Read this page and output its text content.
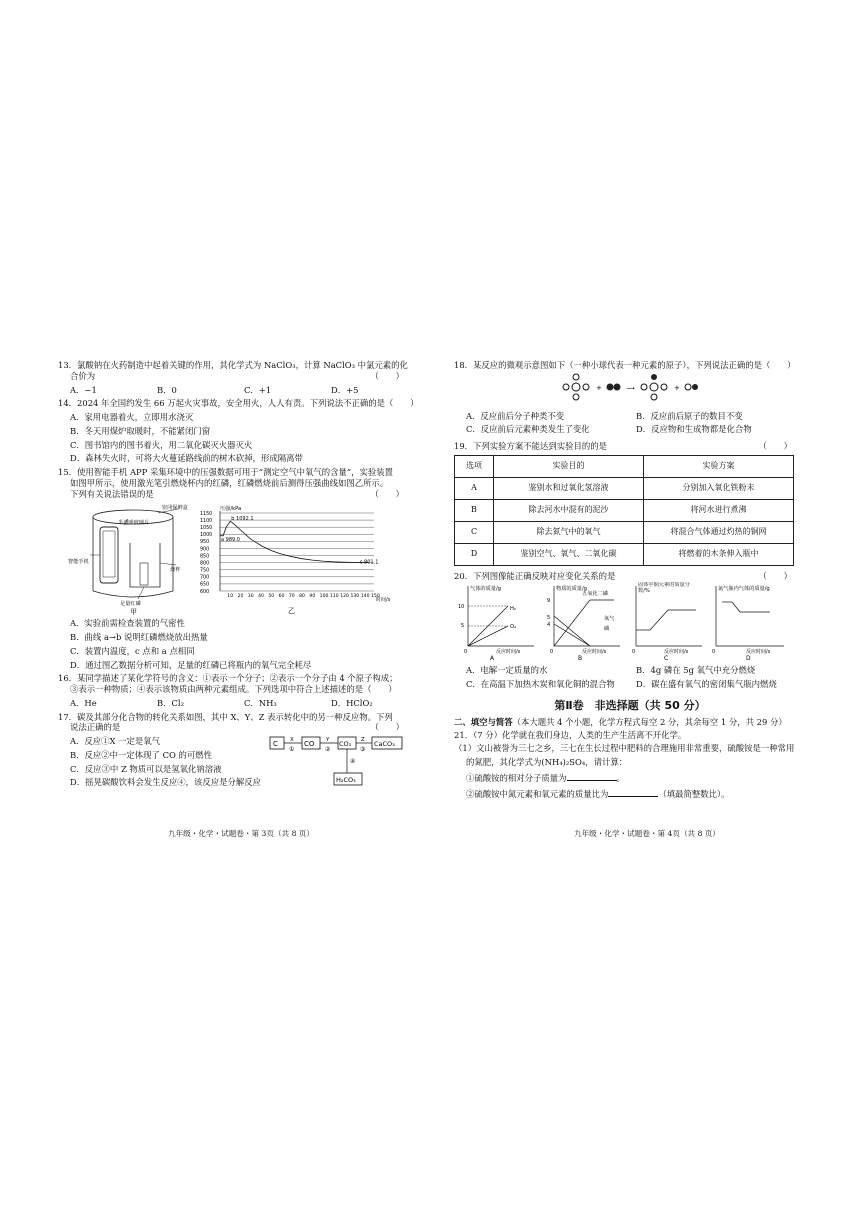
13．氯酸钠在火药制造中起着关键的作用，其化学式为 NaClO₃，计算 NaClO₃ 中氯元素的化
合价为	（　　）
A．−1	B．0	C．+1	D．+5
14．2024 年全国约发生 66 万起火灾事故，安全用火，人人有责。下列说法不正确的是（　　）
A．家用电器着火，立即用水浇灭
B．冬天用煤炉取暖时，不能紧闭门窗
C．图书馆内的图书着火，用二氧化碳灭火器灭火
D．森林失火时，可将大火蔓延路线前的树木砍掉，形成隔离带
15．使用智能手机 APP 采集环境中的压强数据可用于“测定空气中氧气的含量”，实验装置
如图甲所示，使用激光笔引燃烧杯内的红磷，红磷燃烧前后测得压强曲线如图乙所示。
下列有关说法错误的是	（　　）
半透明玻璃片
密闭保鲜盒
智能手机
烧杯
足量红磷
甲
压强/kPa
时间/s
乙
1150
1100
1050
1000
950
900
850
800
750
700
650
600
10 20 30 40 50 60 70 80 90 100 110 120 130 140 150
b 1092.1
a 989.0
c 801.1
A．实验前需检查装置的气密性
B．曲线 a→b 说明红磷燃烧放出热量
C．装置内温度，c 点和 a 点相同
D．通过图乙数据分析可知，足量的红磷已将瓶内的氧气完全耗尽
16．某同学描述了某化学符号的含义：①表示一个分子；②表示一个分子由 4 个原子构成；
③表示一种物质；④表示该物质由两种元素组成。下列选项中符合上述描述的是（　　）
A．He	B．Cl₂	C．NH₃	D．HClO₂
17．碳及其部分化合物的转化关系如图，其中 X、Y、Z 表示转化中的另一种反应物。下列
说法正确的是	（　　）
A．反应①X 一定是氧气
B．反应②中一定体现了 CO 的可燃性
C．反应③中 Z 物质可以是氢氧化钠溶液
D．摇晃碳酸饮料会发生反应④，该反应是分解反应
C X
①
CO Y
②
CO₂ Z
③
CaCO₃
④
H₂CO₃
九年级・化学・试题卷・第 3页（共 8 页）
18．某反应的微观示意图如下（一种小球代表一种元素的原子），下列说法正确的是（　　）
+	⟶	+
A．反应前后分子种类不变	B．反应前后原子的数目不变
C．反应前后元素种类发生了变化	D．反应物和生成物都是化合物
19．下列实验方案不能达到实验目的的是	（　　）
选项	实验目的	实验方案
A	鉴别水和过氧化氢溶液	分别加入氧化铁粉末
B	除去河水中混有的泥沙	将河水进行煮沸
C	除去氮气中的氧气	将混合气体通过灼热的铜网
D	鉴别空气、氧气、二氧化碳	将燃着的木条伸入瓶中
20．下列图像能正确反映对应变化关系的是	（　　）
气体的质量/g
10
5
H₂
O₂
0	反应时间/s
A
物质的质量/g
9
5
4
五氧化二磷
氧气
磷
0	反应时间/s
B
固体中铜元素的质量分数/%
0	反应时间/s
C
氮气瓶内气体的质量/g
0	反应时间/s
D
A．电解一定质量的水	B．4g 磷在 5g 氧气中充分燃烧
C．在高温下加热木炭和氧化铜的混合物	D．碳在盛有氧气的密闭集气瓶内燃烧
第Ⅱ卷　非选择题（共 50 分）
二、填空与简答（本大题共 4 个小题，化学方程式每空 2 分，其余每空 1 分，共 29 分）
21．（7 分）化学就在我们身边，人类的生产生活离不开化学。
（1）文山被誉为三七之乡，三七在生长过程中肥料的合理施用非常重要，硫酸铵是一种常用
的氮肥，其化学式为(NH₄)₂SO₄，请计算：
①硫酸铵的相对分子质量为	。
②硫酸铵中氮元素和氧元素的质量比为	（填最简整数比）。
九年级・化学・试题卷・第 4页（共 8 页）
